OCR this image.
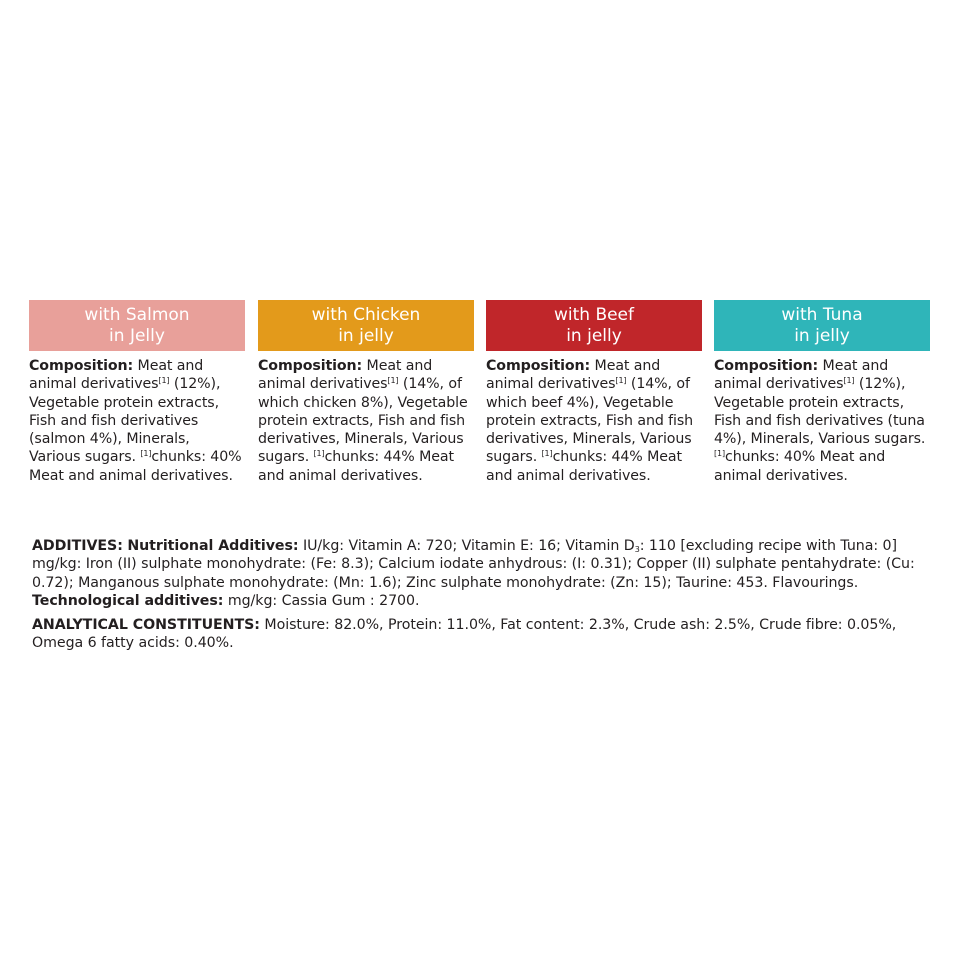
with Salmon
in Jelly
Composition: Meat and animal derivatives[1] (12%), Vegetable protein extracts, Fish and fish derivatives (salmon 4%), Minerals, Various sugars. [1]chunks: 40% Meat and animal derivatives.
with Chicken
in jelly
Composition: Meat and animal derivatives[1] (14%, of which chicken 8%), Vegetable protein extracts, Fish and fish derivatives, Minerals, Various sugars. [1]chunks: 44% Meat and animal derivatives.
with Beef
in jelly
Composition: Meat and animal derivatives[1] (14%, of which beef 4%), Vegetable protein extracts, Fish and fish derivatives, Minerals, Various sugars. [1]chunks: 44% Meat and animal derivatives.
with Tuna
in jelly
Composition: Meat and animal derivatives[1] (12%), Vegetable protein extracts, Fish and fish derivatives (tuna 4%), Minerals, Various sugars. [1]chunks: 40% Meat and animal derivatives.

ADDITIVES: Nutritional Additives: IU/kg: Vitamin A: 720; Vitamin E: 16; Vitamin $D_3$: 110 [excluding recipe with Tuna: 0] mg/kg: Iron (II) sulphate monohydrate: (Fe: 8.3); Calcium iodate anhydrous: (I: 0.31); Copper (II) sulphate pentahydrate: (Cu: 0.72); Manganous sulphate monohydrate: (Mn: 1.6); Zinc sulphate monohydrate: (Zn: 15); Taurine: 453. Flavourings. Technological additives: mg/kg: Cassia Gum : 2700.

ANALYTICAL CONSTITUENTS: Moisture: 82.0%, Protein: 11.0%, Fat content: 2.3%, Crude ash: 2.5%, Crude fibre: 0.05%, Omega 6 fatty acids: 0.40%.
